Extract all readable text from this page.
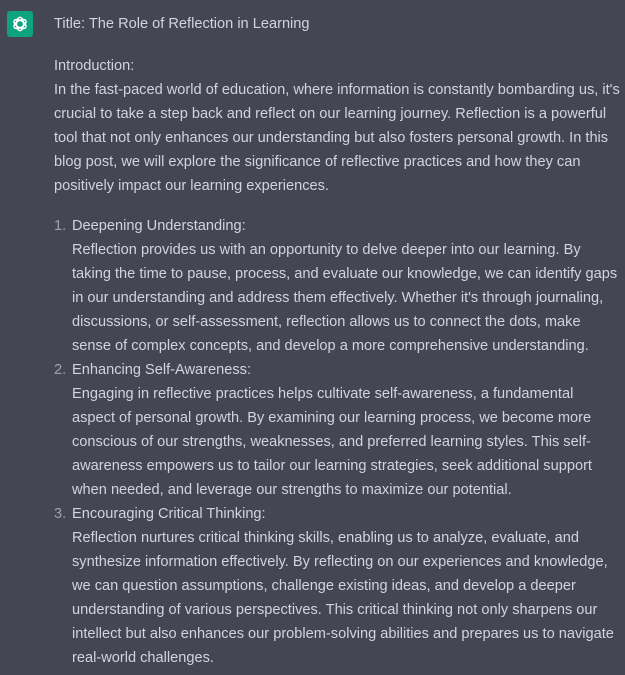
Title: The Role of Reflection in Learning

Introduction:

In the fast-paced world of education, where information is constantly bombarding us, it's crucial to take a step back and reflect on our learning journey. Reflection is a powerful tool that not only enhances our understanding but also fosters personal growth. In this blog post, we will explore the significance of reflective practices and how they can positively impact our learning experiences.

1. Deepening Understanding:
Reflection provides us with an opportunity to delve deeper into our learning. By taking the time to pause, process, and evaluate our knowledge, we can identify gaps in our understanding and address them effectively. Whether it's through journaling, discussions, or self-assessment, reflection allows us to connect the dots, make sense of complex concepts, and develop a more comprehensive understanding.
2. Enhancing Self-Awareness:
Engaging in reflective practices helps cultivate self-awareness, a fundamental aspect of personal growth. By examining our learning process, we become more conscious of our strengths, weaknesses, and preferred learning styles. This self-awareness empowers us to tailor our learning strategies, seek additional support when needed, and leverage our strengths to maximize our potential.
3. Encouraging Critical Thinking:
Reflection nurtures critical thinking skills, enabling us to analyze, evaluate, and synthesize information effectively. By reflecting on our experiences and knowledge, we can question assumptions, challenge existing ideas, and develop a deeper understanding of various perspectives. This critical thinking not only sharpens our intellect but also enhances our problem-solving abilities and prepares us to navigate real-world challenges.
